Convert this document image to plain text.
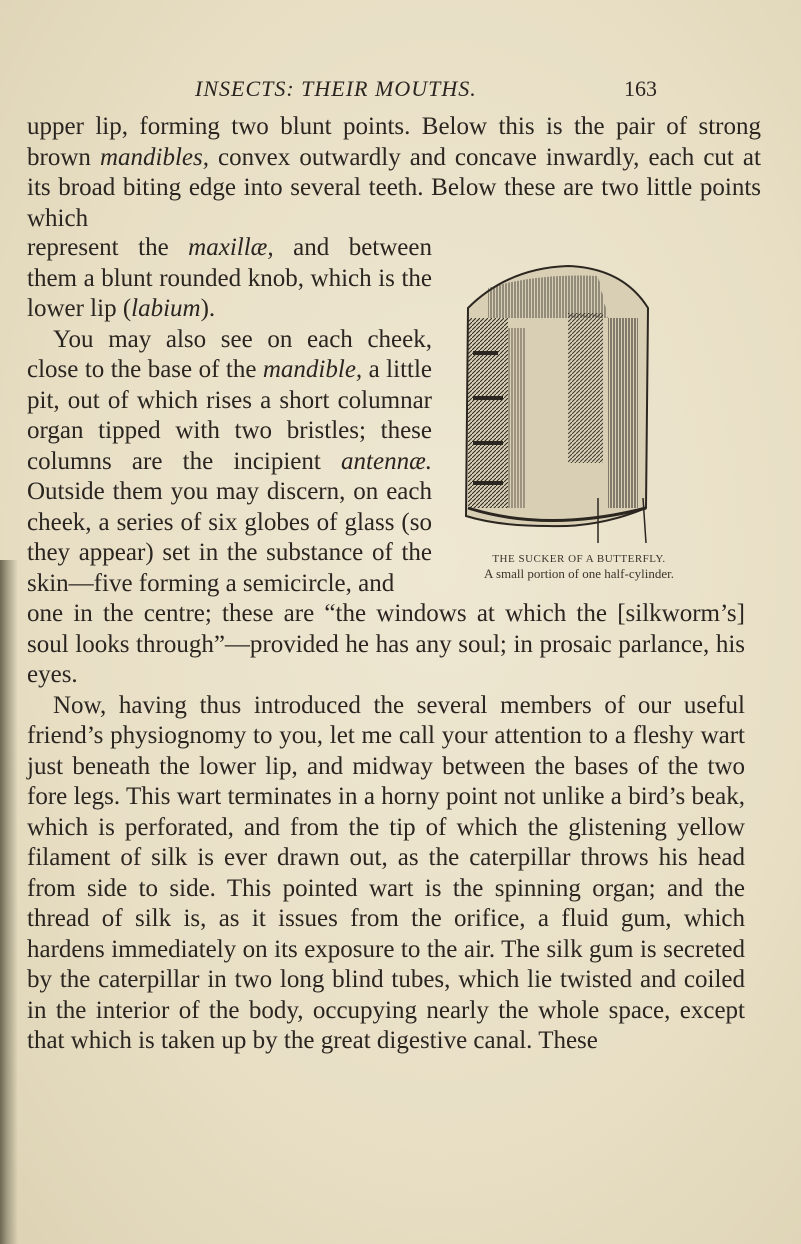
INSECTS: THEIR MOUTHS.	163

upper lip, forming two blunt points. Below this is the pair of strong brown mandibles, convex outwardly and concave inwardly, each cut at its broad biting edge into several teeth. Below these are two little points which

represent the maxillæ, and between them a blunt rounded knob, which is the lower lip (labium).

You may also see on each cheek, close to the base of the mandible, a little pit, out of which rises a short columnar organ tipped with two bristles; these columns are the incipient antennæ. Outside them you may discern, on each cheek, a series of six globes of glass (so they appear) set in the substance of the skin—five forming a semicircle, and

THE SUCKER OF A BUTTERFLY.
A small portion of one half-cylinder.

one in the centre; these are “the windows at which the [silkworm’s] soul looks through”—provided he has any soul; in prosaic parlance, his eyes.

Now, having thus introduced the several members of our useful friend’s physiognomy to you, let me call your attention to a fleshy wart just beneath the lower lip, and midway between the bases of the two fore legs. This wart terminates in a horny point not unlike a bird’s beak, which is perforated, and from the tip of which the glistening yellow filament of silk is ever drawn out, as the caterpillar throws his head from side to side. This pointed wart is the spinning organ; and the thread of silk is, as it issues from the orifice, a fluid gum, which hardens immediately on its exposure to the air. The silk gum is secreted by the caterpillar in two long blind tubes, which lie twisted and coiled in the interior of the body, occupying nearly the whole space, except that which is taken up by the great digestive canal. These
